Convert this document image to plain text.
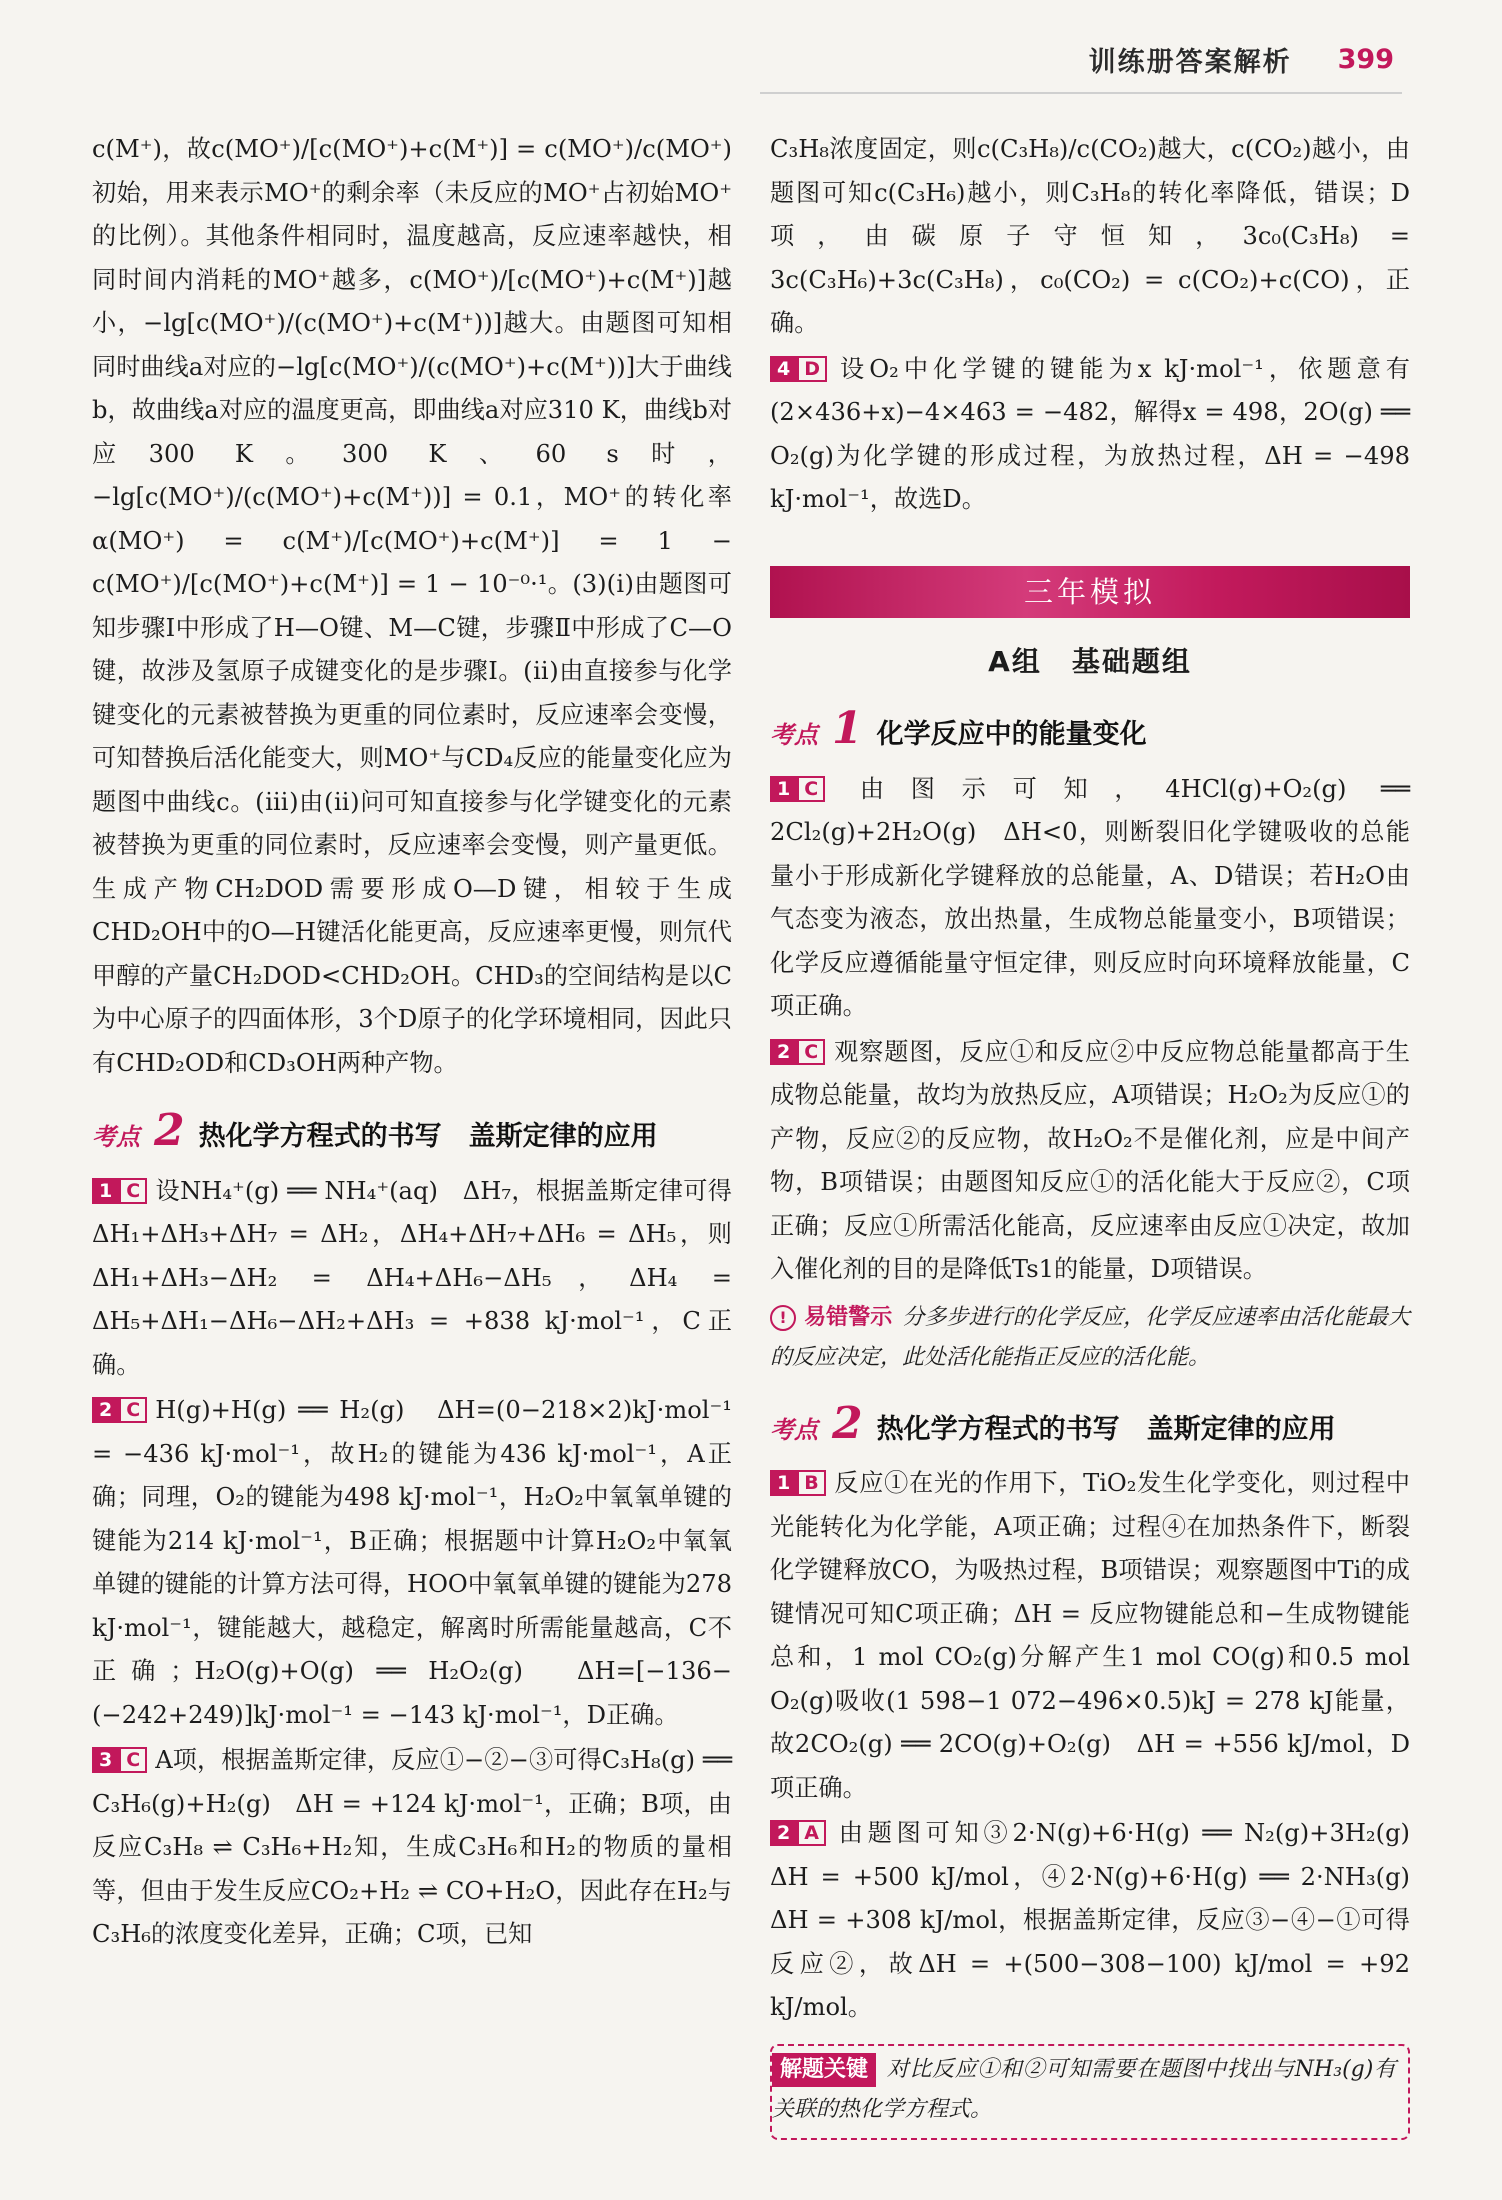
训练册答案解析 399

c(M⁺)，故c(MO⁺)/[c(MO⁺)+c(M⁺)] = c(MO⁺)/c(MO⁺)初始，用来表示MO⁺的剩余率（未反应的MO⁺占初始MO⁺的比例）。其他条件相同时，温度越高，反应速率越快，相同时间内消耗的MO⁺越多，c(MO⁺)/[c(MO⁺)+c(M⁺)]越小，−lg[c(MO⁺)/(c(MO⁺)+c(M⁺))]越大。由题图可知相同时曲线a对应的−lg[c(MO⁺)/(c(MO⁺)+c(M⁺))]大于曲线b，故曲线a对应的温度更高，即曲线a对应310 K，曲线b对应300 K。300 K、60 s时，−lg[c(MO⁺)/(c(MO⁺)+c(M⁺))] = 0.1，MO⁺的转化率α(MO⁺) = c(M⁺)/[c(MO⁺)+c(M⁺)] = 1 − c(MO⁺)/[c(MO⁺)+c(M⁺)] = 1 − 10⁻⁰·¹。(3)(ⅰ)由题图可知步骤Ⅰ中形成了H—O键、M—C键，步骤Ⅱ中形成了C—O键，故涉及氢原子成键变化的是步骤Ⅰ。(ⅱ)由直接参与化学键变化的元素被替换为更重的同位素时，反应速率会变慢，可知替换后活化能变大，则MO⁺与CD₄反应的能量变化应为题图中曲线c。(ⅲ)由(ⅱ)问可知直接参与化学键变化的元素被替换为更重的同位素时，反应速率会变慢，则产量更低。生成产物CH₂DOD需要形成O—D键，相较于生成CHD₂OH中的O—H键活化能更高，反应速率更慢，则氘代甲醇的产量CH₂DOD<CHD₂OH。CHD₃的空间结构是以C为中心原子的四面体形，3个D原子的化学环境相同，因此只有CHD₂OD和CD₃OH两种产物。

考点 2 热化学方程式的书写　盖斯定律的应用

1 C 设NH₄⁺(g) ══ NH₄⁺(aq)　ΔH₇，根据盖斯定律可得ΔH₁+ΔH₃+ΔH₇ = ΔH₂，ΔH₄+ΔH₇+ΔH₆ = ΔH₅，则ΔH₁+ΔH₃−ΔH₂ = ΔH₄+ΔH₆−ΔH₅，ΔH₄ = ΔH₅+ΔH₁−ΔH₆−ΔH₂+ΔH₃ = +838 kJ·mol⁻¹，C正确。

2 C H(g)+H(g) ══ H₂(g)　ΔH=(0−218×2)kJ·mol⁻¹ = −436 kJ·mol⁻¹，故H₂的键能为436 kJ·mol⁻¹，A正确；同理，O₂的键能为498 kJ·mol⁻¹，H₂O₂中氧氧单键的键能为214 kJ·mol⁻¹，B正确；根据题中计算H₂O₂中氧氧单键的键能的计算方法可得，HOO中氧氧单键的键能为278 kJ·mol⁻¹，键能越大，越稳定，解离时所需能量越高，C不正确；H₂O(g)+O(g) ══ H₂O₂(g)　ΔH=[−136−(−242+249)]kJ·mol⁻¹ = −143 kJ·mol⁻¹，D正确。

3 C A项，根据盖斯定律，反应①−②−③可得C₃H₈(g) ══ C₃H₆(g)+H₂(g)　ΔH = +124 kJ·mol⁻¹，正确；B项，由反应C₃H₈ ⇌ C₃H₆+H₂知，生成C₃H₆和H₂的物质的量相等，但由于发生反应CO₂+H₂ ⇌ CO+H₂O，因此存在H₂与C₃H₆的浓度变化差异，正确；C项，已知

C₃H₈浓度固定，则c(C₃H₈)/c(CO₂)越大，c(CO₂)越小，由题图可知c(C₃H₆)越小，则C₃H₈的转化率降低，错误；D项，由碳原子守恒知，3c₀(C₃H₈) = 3c(C₃H₆)+3c(C₃H₈)，c₀(CO₂) = c(CO₂)+c(CO)，正确。

4 D 设O₂中化学键的键能为x kJ·mol⁻¹，依题意有(2×436+x)−4×463 = −482，解得x = 498，2O(g) ══ O₂(g)为化学键的形成过程，为放热过程，ΔH = −498 kJ·mol⁻¹，故选D。

三年模拟
A组　基础题组
考点 1 化学反应中的能量变化

1 C 由图示可知，4HCl(g)+O₂(g) ══ 2Cl₂(g)+2H₂O(g)　ΔH<0，则断裂旧化学键吸收的总能量小于形成新化学键释放的总能量，A、D错误；若H₂O由气态变为液态，放出热量，生成物总能量变小，B项错误；化学反应遵循能量守恒定律，则反应时向环境释放能量，C项正确。

2 C 观察题图，反应①和反应②中反应物总能量都高于生成物总能量，故均为放热反应，A项错误；H₂O₂为反应①的产物，反应②的反应物，故H₂O₂不是催化剂，应是中间产物，B项错误；由题图知反应①的活化能大于反应②，C项正确；反应①所需活化能高，反应速率由反应①决定，故加入催化剂的目的是降低Ts1的能量，D项错误。

! 易错警示 分多步进行的化学反应，化学反应速率由活化能最大的反应决定，此处活化能指正反应的活化能。
考点 2 热化学方程式的书写　盖斯定律的应用

1 B 反应①在光的作用下，TiO₂发生化学变化，则过程中光能转化为化学能，A项正确；过程④在加热条件下，断裂化学键释放CO，为吸热过程，B项错误；观察题图中Ti的成键情况可知C项正确；ΔH = 反应物键能总和−生成物键能总和，1 mol CO₂(g)分解产生1 mol CO(g)和0.5 mol O₂(g)吸收(1 598−1 072−496×0.5)kJ = 278 kJ能量，故2CO₂(g) ══ 2CO(g)+O₂(g)　ΔH = +556 kJ/mol，D项正确。

2 A 由题图可知③2·N(g)+6·H(g) ══ N₂(g)+3H₂(g)　ΔH = +500 kJ/mol，④2·N(g)+6·H(g) ══ 2·NH₃(g)　ΔH = +308 kJ/mol，根据盖斯定律，反应③−④−①可得反应②，故ΔH = +(500−308−100) kJ/mol = +92 kJ/mol。

解题关键 对比反应①和②可知需要在题图中找出与NH₃(g)有关联的热化学方程式。
